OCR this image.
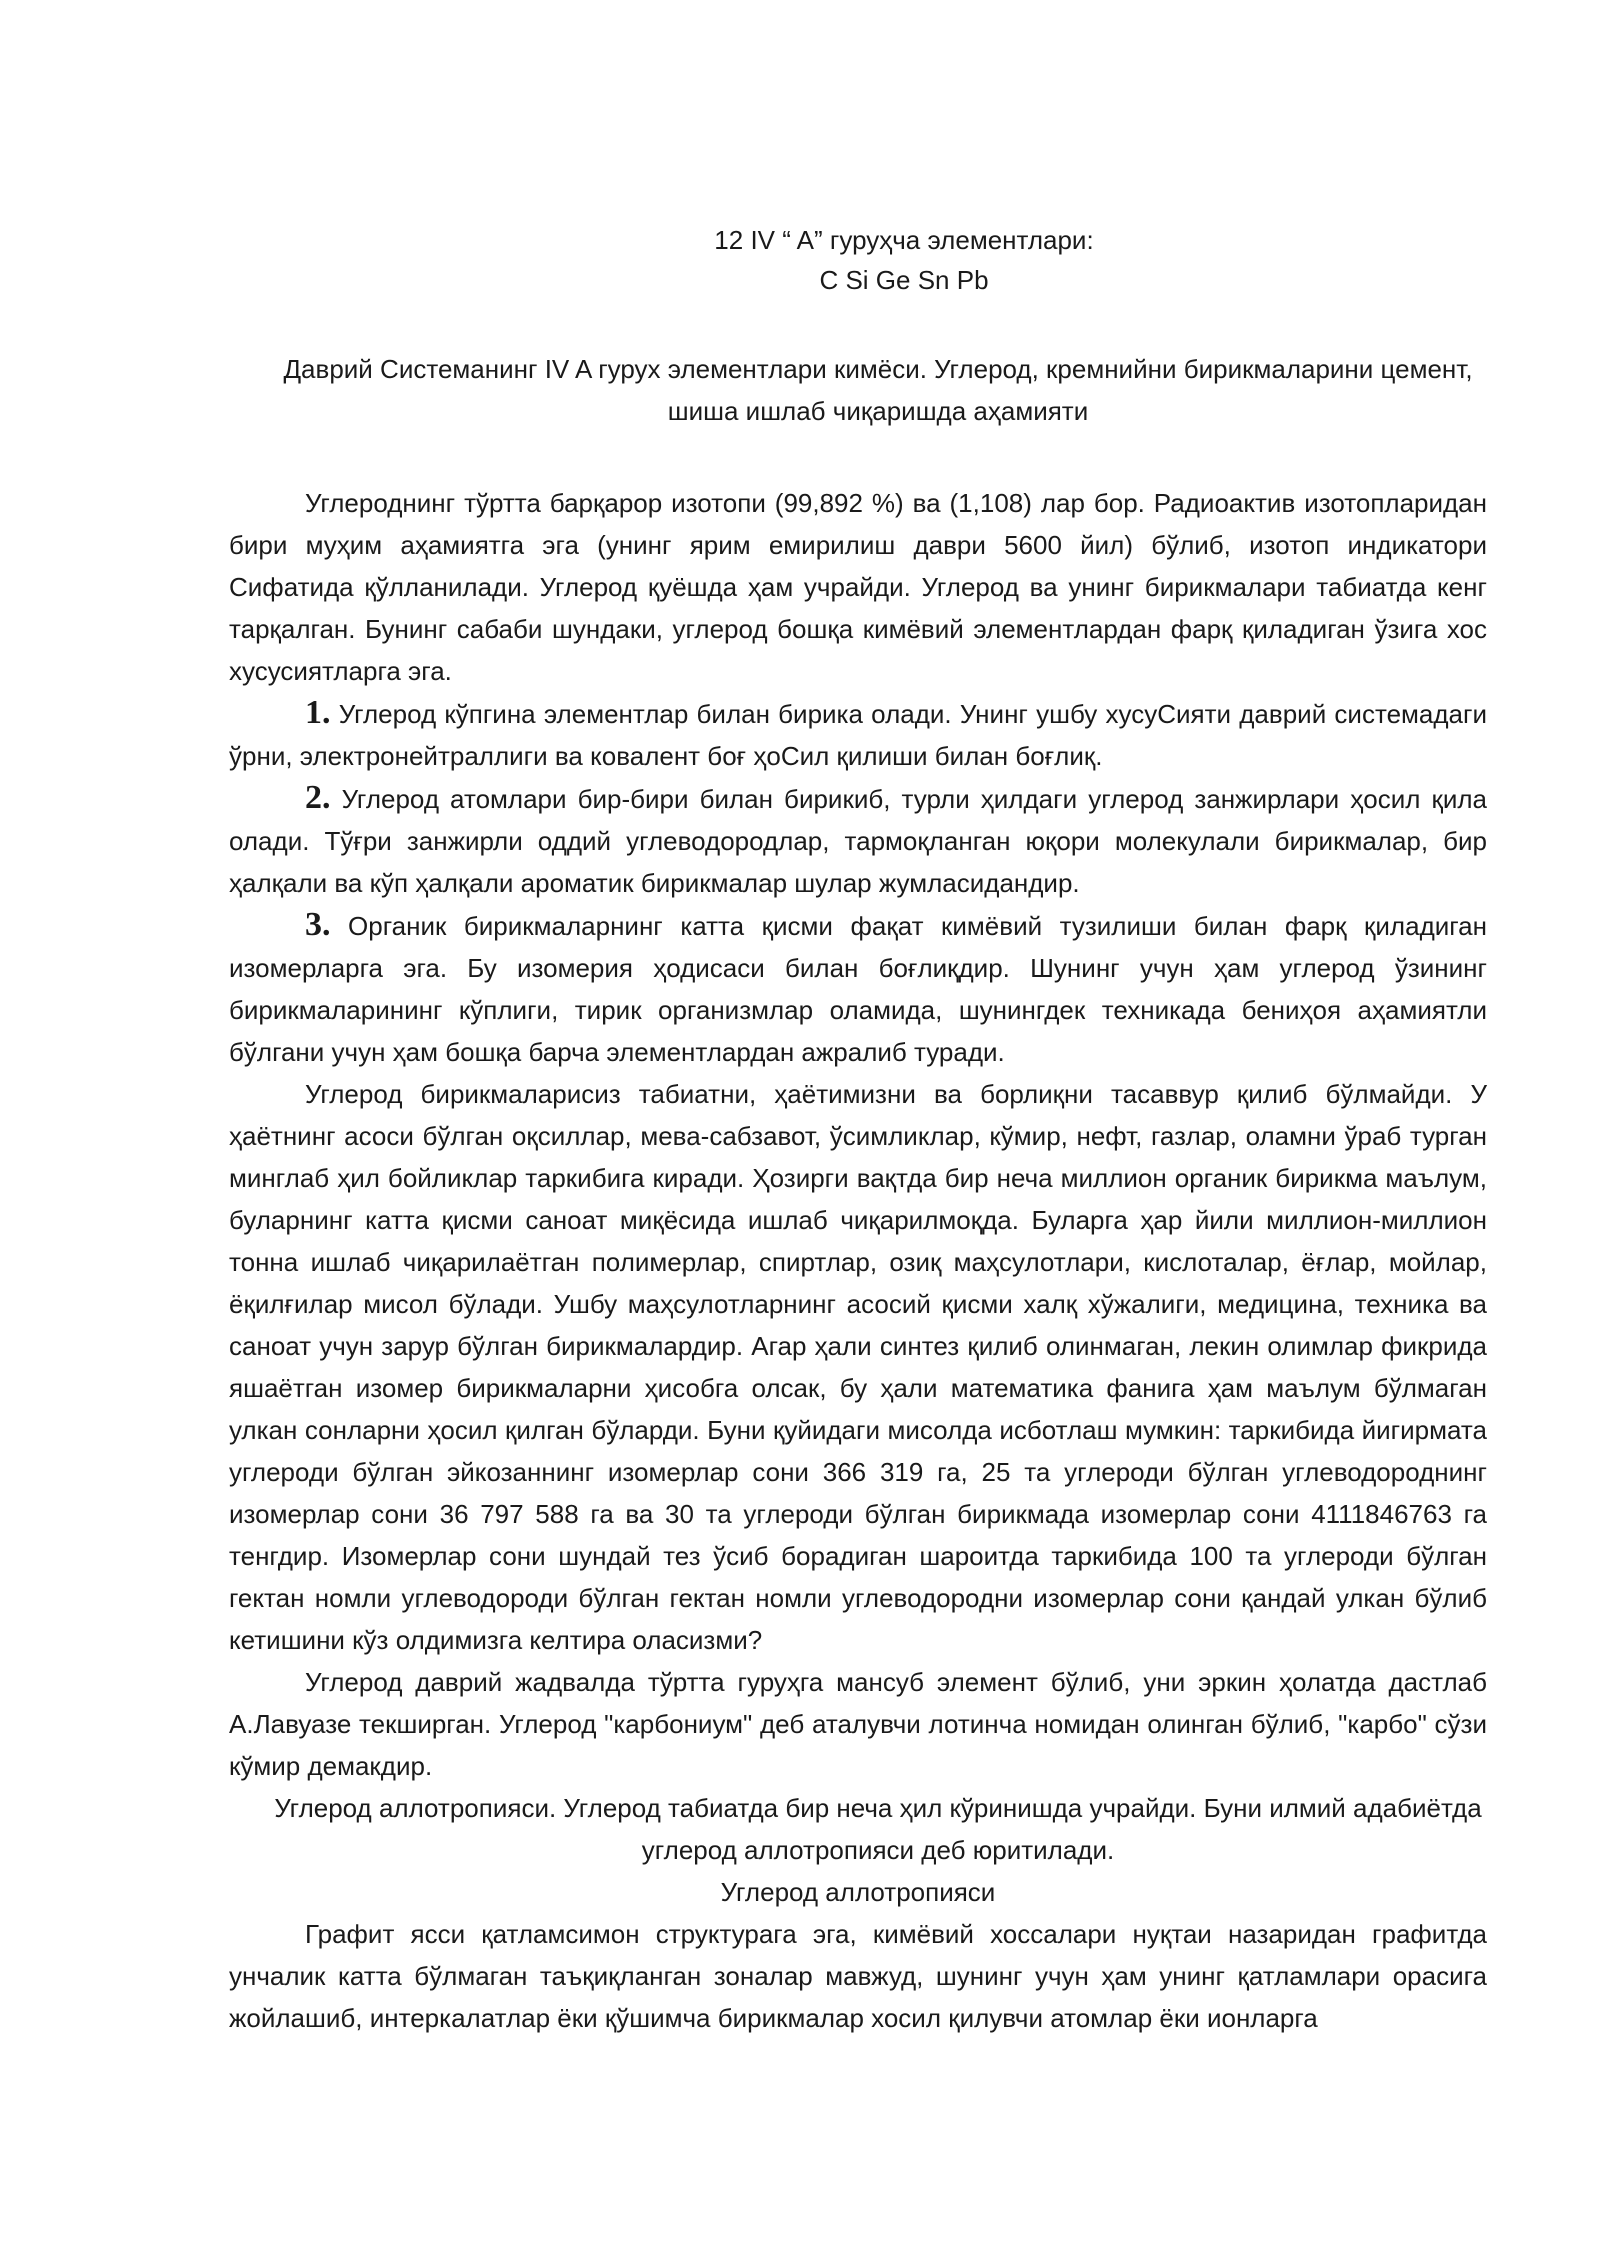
12 IV “ A” гуруҳча элементлари:
C Si Ge Sn Pb
Даврий Системанинг IV A гурух элементлари кимёси. Углерод, кремнийни бирикмаларини цемент, шиша ишлаб чиқаришда аҳамияти

Углероднинг тўртта барқарор изотопи (99,892 %) ва (1,108) лар бор. Радиоактив изотопларидан бири муҳим аҳамиятга эга (унинг ярим емирилиш даври 5600 йил) бўлиб, изотоп индикатори Сифатида қўлланилади. Углерод қуёшда ҳам учрайди. Углерод ва унинг бирикмалари табиатда кенг тарқалган. Бунинг сабаби шундаки, углерод бошқа кимёвий элементлардан фарқ қиладиган ўзига хос хусусиятларга эга.

1. Углерод кўпгина элементлар билан бирика олади. Унинг ушбу хусуСияти даврий системадаги ўрни, электронейтраллиги ва ковалент боғ ҳоСил қилиши билан боғлиқ.

2. Углерод атомлари бир-бири билан бирикиб, турли ҳилдаги углерод занжирлари ҳосил қила олади. Тўғри занжирли оддий углеводородлар, тармоқланган юқори молекулали бирикмалар, бир ҳалқали ва кўп ҳалқали ароматик бирикмалар шулар жумласидандир.

3. Органик бирикмаларнинг катта қисми фақат кимёвий тузилиши билан фарқ қиладиган изомерларга эга. Бу изомерия ҳодисаси билан боғлиқдир. Шунинг учун ҳам углерод ўзининг бирикмаларининг кўплиги, тирик организмлар оламида, шунингдек техникада бениҳоя аҳамиятли бўлгани учун ҳам бошқа барча элементлардан ажралиб туради.

Углерод бирикмаларисиз табиатни, ҳаётимизни ва борлиқни тасаввур қилиб бўлмайди. У ҳаётнинг асоси бўлган оқсиллар, мева-сабзавот, ўсимликлар, кўмир, нефт, газлар, оламни ўраб турган минглаб ҳил бойликлар таркибига киради. Ҳозирги вақтда бир неча миллион органик бирикма маълум, буларнинг катта қисми саноат миқёсида ишлаб чиқарилмоқда. Буларга ҳар йили миллион-миллион тонна ишлаб чиқарилаётган полимерлар, спиртлар, озиқ маҳсулотлари, кислоталар, ёғлар, мойлар, ёқилғилар мисол бўлади. Ушбу маҳсулотларнинг асосий қисми халқ хўжалиги, медицина, техника ва саноат учун зарур бўлган бирикмалардир. Агар ҳали синтез қилиб олинмаган, лекин олимлар фикрида яшаётган изомер бирикмаларни ҳисобга олсак, бу ҳали математика фанига ҳам маълум бўлмаган улкан сонларни ҳосил қилган бўларди. Буни қуйидаги мисолда исботлаш мумкин: таркибида йигирмата углероди бўлган эйкозаннинг изомерлар сони 366 319 га, 25 та углероди бўлган углеводороднинг изомерлар сони 36 797 588 га ва 30 та углероди бўлган бирикмада изомерлар сони 4111846763 га тенгдир. Изомерлар сони шундай тез ўсиб борадиган шароитда таркибида 100 та углероди бўлган гектан номли углеводороди бўлган гектан номли углеводородни изомерлар сони қандай улкан бўлиб кетишини кўз олдимизга келтира оласизми?

Углерод даврий жадвалда тўртта гуруҳга мансуб элемент бўлиб, уни эркин ҳолатда дастлаб А.Лавуазе текширган. Углерод "карбониум" деб аталувчи лотинча номидан олинган бўлиб, "карбо" сўзи кўмир демакдир.

Углерод аллотропияси. Углерод табиатда бир неча ҳил кўринишда учрайди. Буни илмий адабиётда углерод аллотропияси деб юритилади.

Углерод аллотропияси

Графит ясси қатламсимон структурага эга, кимёвий хоссалари нуқтаи назаридан графитда унчалик катта бўлмаган таъқиқланган зоналар мавжуд, шунинг учун ҳам унинг қатламлари орасига жойлашиб, интеркалатлар ёки қўшимча бирикмалар хосил қилувчи атомлар ёки ионларга
